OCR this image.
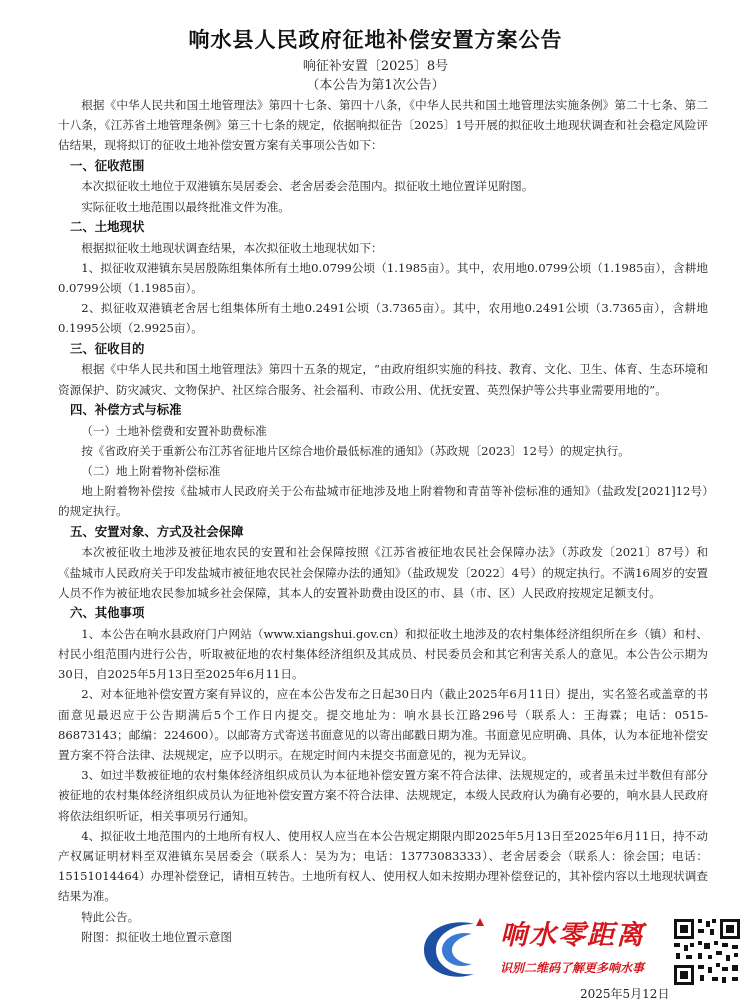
响水县人民政府征地补偿安置方案公告
响征补安置〔2025〕8号
（本公告为第1次公告）

根据《中华人民共和国土地管理法》第四十七条、第四十八条，《中华人民共和国土地管理法实施条例》第二十七条、第二十八条，《江苏省土地管理条例》第三十七条的规定，依据响拟征告〔2025〕1号开展的拟征收土地现状调查和社会稳定风险评估结果，现将拟订的征收土地补偿安置方案有关事项公告如下：

一、征收范围

本次拟征收土地位于双港镇东吴居委会、老舍居委会范围内。拟征收土地位置详见附图。

实际征收土地范围以最终批准文件为准。

二、土地现状

根据拟征收土地现状调查结果，本次拟征收土地现状如下：

1、拟征收双港镇东吴居殷陈组集体所有土地0.0799公顷（1.1985亩）。其中，农用地0.0799公顷（1.1985亩），含耕地0.0799公顷（1.1985亩）。

2、拟征收双港镇老舍居七组集体所有土地0.2491公顷（3.7365亩）。其中，农用地0.2491公顷（3.7365亩），含耕地0.1995公顷（2.9925亩）。

三、征收目的

根据《中华人民共和国土地管理法》第四十五条的规定，“由政府组织实施的科技、教育、文化、卫生、体育、生态环境和资源保护、防灾减灾、文物保护、社区综合服务、社会福利、市政公用、优抚安置、英烈保护等公共事业需要用地的”。

四、补偿方式与标准

（一）土地补偿费和安置补助费标准

按《省政府关于重新公布江苏省征地片区综合地价最低标准的通知》（苏政规〔2023〕12号）的规定执行。

（二）地上附着物补偿标准

地上附着物补偿按《盐城市人民政府关于公布盐城市征地涉及地上附着物和青苗等补偿标准的通知》（盐政发[2021]12号）的规定执行。

五、安置对象、方式及社会保障

本次被征收土地涉及被征地农民的安置和社会保障按照《江苏省被征地农民社会保障办法》（苏政发〔2021〕87号）和《盐城市人民政府关于印发盐城市被征地农民社会保障办法的通知》（盐政规发〔2022〕4号）的规定执行。不满16周岁的安置人员不作为被征地农民参加城乡社会保障，其本人的安置补助费由设区的市、县（市、区）人民政府按规定足额支付。

六、其他事项

1、本公告在响水县政府门户网站（www.xiangshui.gov.cn）和拟征收土地涉及的农村集体经济组织所在乡（镇）和村、村民小组范围内进行公告，听取被征地的农村集体经济组织及其成员、村民委员会和其它利害关系人的意见。本公告公示期为30日，自2025年5月13日至2025年6月11日。

2、对本征地补偿安置方案有异议的，应在本公告发布之日起30日内（截止2025年6月11日）提出，实名签名或盖章的书面意见最迟应于公告期满后5个工作日内提交。提交地址为：响水县长江路296号（联系人：王海霖；电话：0515-86873143；邮编：224600）。以邮寄方式寄送书面意见的以寄出邮戳日期为准。书面意见应明确、具体，认为本征地补偿安置方案不符合法律、法规规定，应予以明示。在规定时间内未提交书面意见的，视为无异议。

3、如过半数被征地的农村集体经济组织成员认为本征地补偿安置方案不符合法律、法规规定的，或者虽未过半数但有部分被征地的农村集体经济组织成员认为征地补偿安置方案不符合法律、法规规定，本级人民政府认为确有必要的，响水县人民政府将依法组织听证，相关事项另行通知。

4、拟征收土地范围内的土地所有权人、使用权人应当在本公告规定期限内即2025年5月13日至2025年6月11日，持不动产权属证明材料至双港镇东吴居委会（联系人：吴为为；电话：13773083333）、老舍居委会（联系人：徐会国；电话：15151014464）办理补偿登记，请相互转告。土地所有权人、使用权人如未按期办理补偿登记的，其补偿内容以土地现状调查结果为准。

特此公告。

附图：拟征收土地位置示意图	响水零距离
识别二维码了解更多响水事
2025年5月12日
